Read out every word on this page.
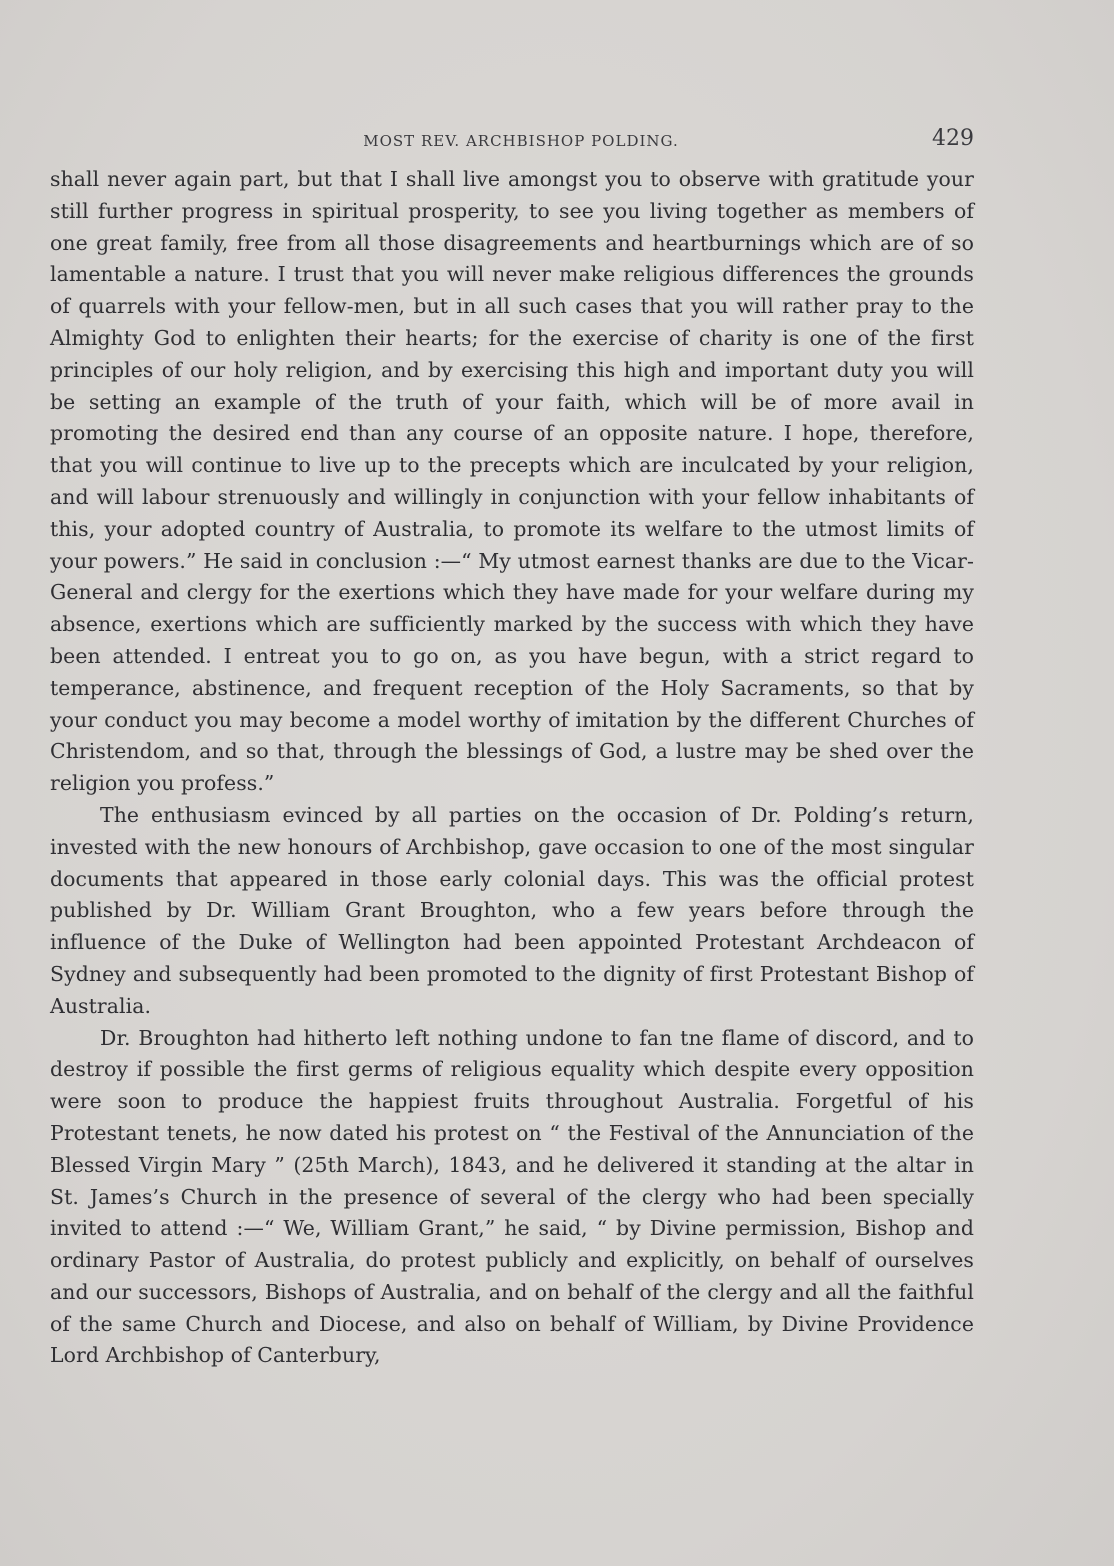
MOST REV. ARCHBISHOP POLDING.	429

shall never again part, but that I shall live amongst you to observe with gratitude your still further progress in spiritual prosperity, to see you living together as members of one great family, free from all those disagreements and heartburnings which are of so lamentable a nature. I trust that you will never make religious differences the grounds of quarrels with your fellow-men, but in all such cases that you will rather pray to the Almighty God to enlighten their hearts; for the exercise of charity is one of the first principles of our holy religion, and by exercising this high and important duty you will be setting an example of the truth of your faith, which will be of more avail in promoting the desired end than any course of an opposite nature. I hope, therefore, that you will continue to live up to the precepts which are inculcated by your religion, and will labour strenuously and willingly in conjunction with your fellow inhabitants of this, your adopted country of Australia, to promote its welfare to the utmost limits of your powers.” He said in conclusion :—“ My utmost earnest thanks are due to the Vicar-General and clergy for the exertions which they have made for your welfare during my absence, exertions which are sufficiently marked by the success with which they have been attended. I entreat you to go on, as you have begun, with a strict regard to temperance, abstinence, and frequent reception of the Holy Sacraments, so that by your conduct you may become a model worthy of imitation by the different Churches of Christendom, and so that, through the blessings of God, a lustre may be shed over the religion you profess.”

The enthusiasm evinced by all parties on the occasion of Dr. Polding’s return, invested with the new honours of Archbishop, gave occasion to one of the most singular documents that appeared in those early colonial days. This was the official protest published by Dr. William Grant Broughton, who a few years before through the influence of the Duke of Wellington had been appointed Protestant Archdeacon of Sydney and subsequently had been promoted to the dignity of first Protestant Bishop of Australia.

Dr. Broughton had hitherto left nothing undone to fan tne flame of discord, and to destroy if possible the first germs of religious equality which despite every opposition were soon to produce the happiest fruits throughout Australia. Forgetful of his Protestant tenets, he now dated his protest on “ the Festival of the Annunciation of the Blessed Virgin Mary ” (25th March), 1843, and he delivered it standing at the altar in St. James’s Church in the presence of several of the clergy who had been specially invited to attend :—“ We, William Grant,” he said, “ by Divine permission, Bishop and ordinary Pastor of Australia, do protest publicly and explicitly, on behalf of ourselves and our successors, Bishops of Australia, and on behalf of the clergy and all the faithful of the same Church and Diocese, and also on behalf of William, by Divine Providence Lord Archbishop of Canterbury,
